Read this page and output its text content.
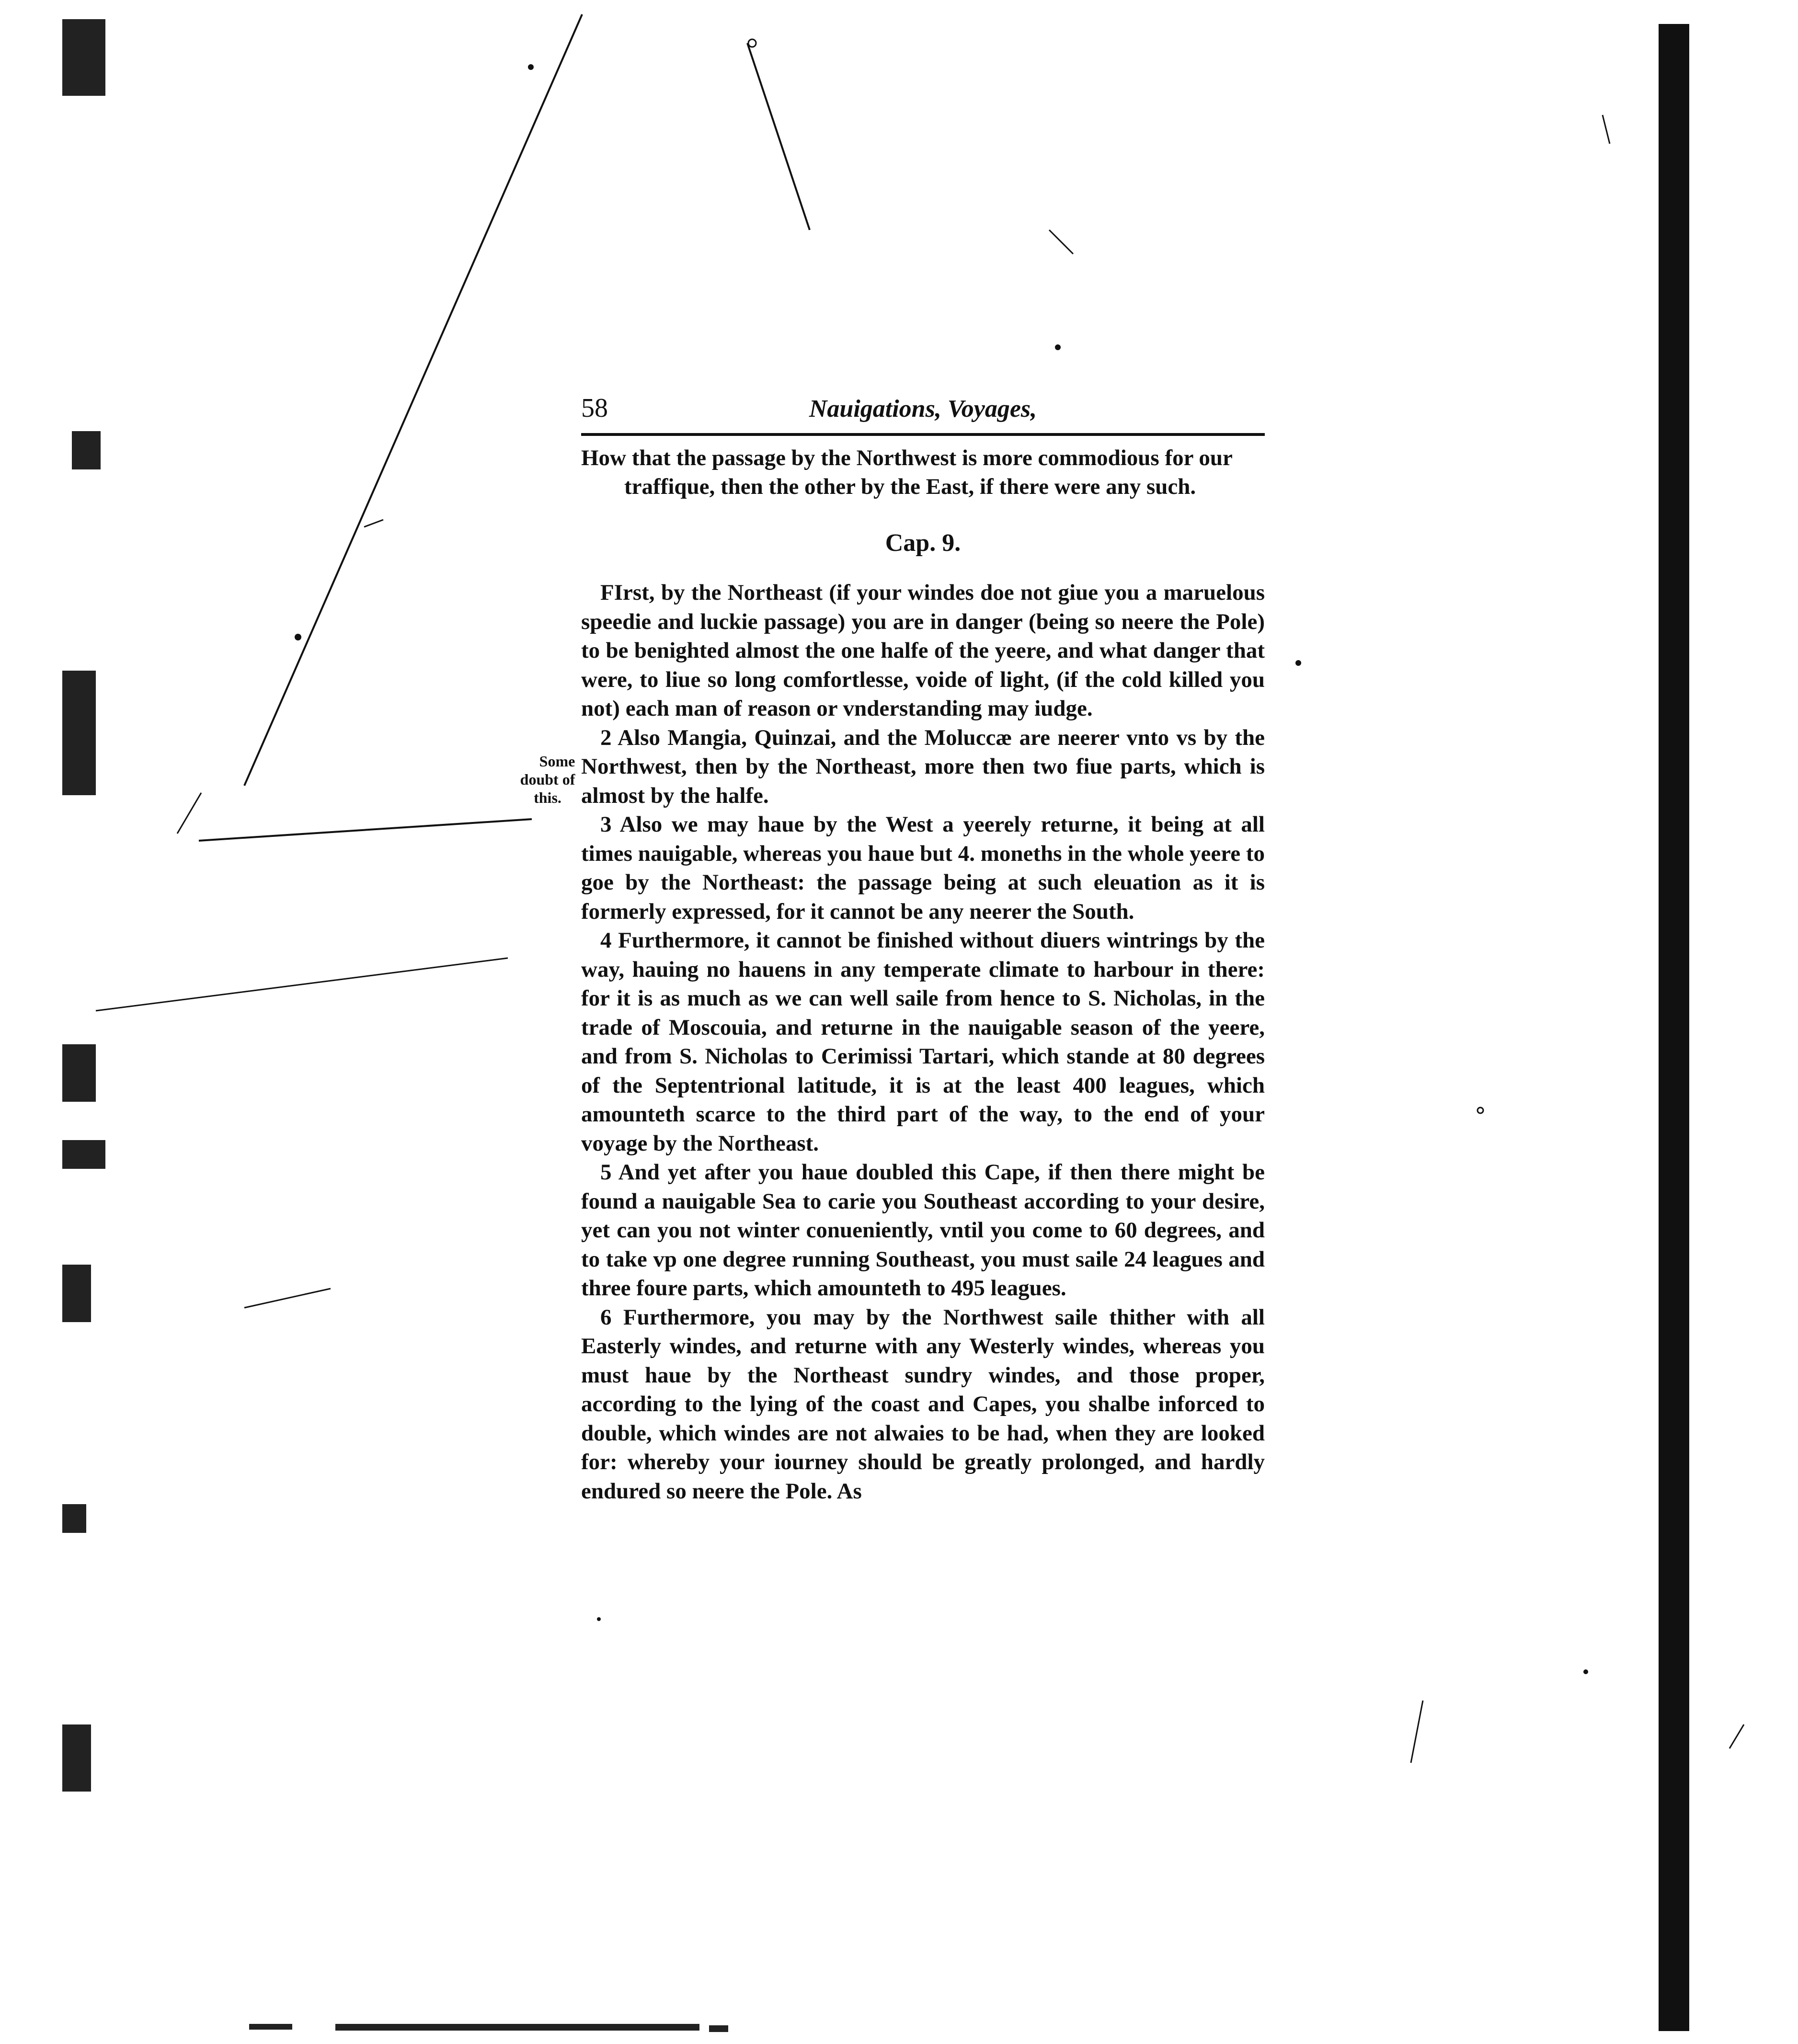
58	Nauigations, Voyages,

How that the passage by the Northwest is more commodious for our traffique, then the other by the East, if there were any such.

Cap. 9.

FIrst, by the Northeast (if your windes doe not giue you a maruelous speedie and luckie passage) you are in danger (being so neere the Pole) to be benighted almost the one halfe of the yeere, and what danger that were, to liue so long comfortlesse, voide of light, (if the cold killed you not) each man of reason or vnderstanding may iudge.

2 Also Mangia, Quinzai, and the Moluccæ are neerer vnto vs by the Northwest, then by the Northeast, more then two fiue parts, which is almost by the halfe.
Some doubt of this.

3 Also we may haue by the West a yeerely returne, it being at all times nauigable, whereas you haue but 4. moneths in the whole yeere to goe by the Northeast: the passage being at such eleuation as it is formerly expressed, for it cannot be any neerer the South.

4 Furthermore, it cannot be finished without diuers wintrings by the way, hauing no hauens in any temperate climate to harbour in there: for it is as much as we can well saile from hence to S. Nicholas, in the trade of Moscouia, and returne in the nauigable season of the yeere, and from S. Nicholas to Cerimissi Tartari, which stande at 80 degrees of the Septentrional latitude, it is at the least 400 leagues, which amounteth scarce to the third part of the way, to the end of your voyage by the Northeast.

5 And yet after you haue doubled this Cape, if then there might be found a nauigable Sea to carie you Southeast according to your desire, yet can you not winter conueniently, vntil you come to 60 degrees, and to take vp one degree running Southeast, you must saile 24 leagues and three foure parts, which amounteth to 495 leagues.

6 Furthermore, you may by the Northwest saile thither with all Easterly windes, and returne with any Westerly windes, whereas you must haue by the Northeast sundry windes, and those proper, according to the lying of the coast and Capes, you shalbe inforced to double, which windes are not alwaies to be had, when they are looked for: whereby your iourney should be greatly prolonged, and hardly endured so neere the Pole. As
